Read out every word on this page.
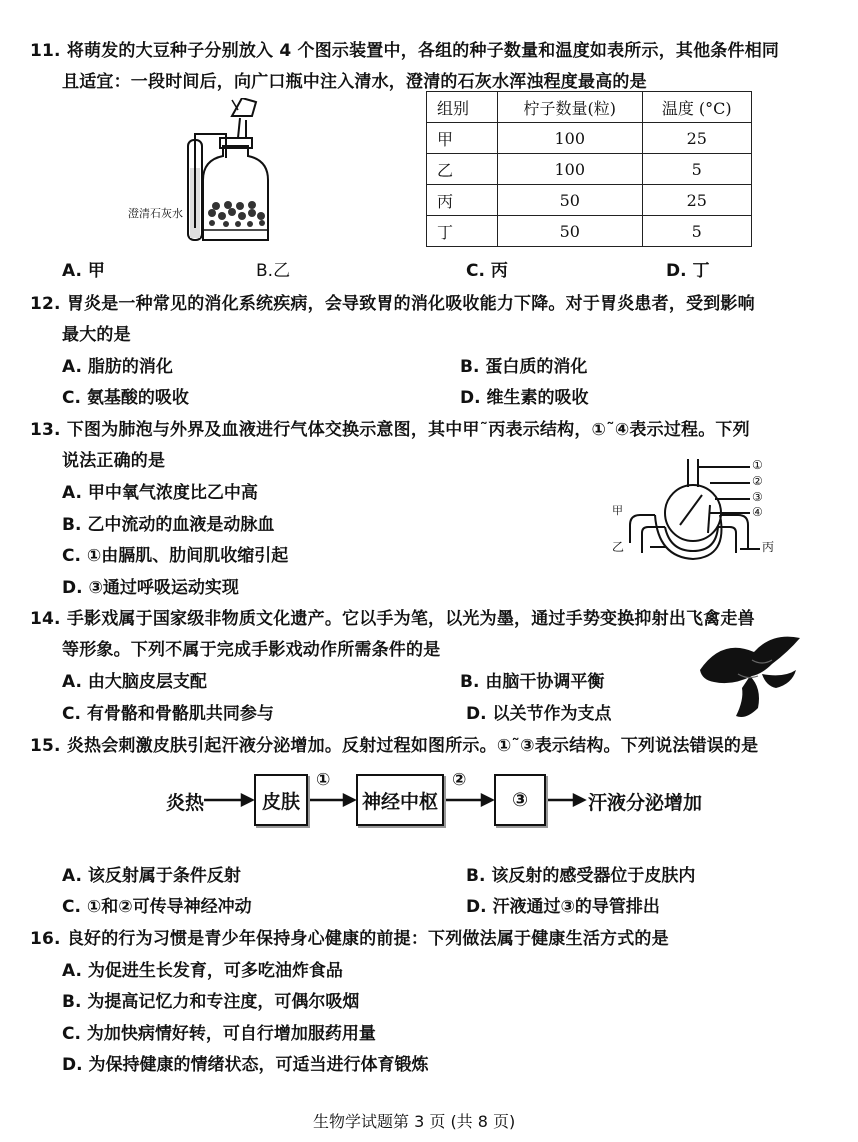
11. 将萌发的大豆种子分别放入 4 个图示装置中，各组的种子数量和温度如表所示，其他条件相同
且适宜：一段时间后，向广口瓶中注入清水，澄清的石灰水浑浊程度最高的是
澄清石灰水
组别	柠子数量(粒)	温度 (°C)
甲	100	25
乙	100	5
丙	50	25
丁	50	5
A. 甲	B.乙	C. 丙	D. 丁
12. 胃炎是一种常见的消化系统疾病，会导致胃的消化吸收能力下降。对于胃炎患者，受到影响
最大的是
A. 脂肪的消化	B. 蛋白质的消化
C. 氨基酸的吸收	D. 维生素的吸收
13. 下图为肺泡与外界及血液进行气体交换示意图，其中甲˜丙表示结构，①˜④表示过程。下列
说法正确的是
A. 甲中氧气浓度比乙中高
B. 乙中流动的血液是动脉血
C. ①由膈肌、肋间肌收缩引起
D. ③通过呼吸运动实现
①
②
③
④
甲
乙	丙
14. 手影戏属于国家级非物质文化遗产。它以手为笔，以光为墨，通过手势变换抑射出飞禽走兽
等形象。下列不属于完成手影戏动作所需条件的是
A. 由大脑皮层支配	B. 由脑干协调平衡
C. 有骨骼和骨骼肌共同参与	D. 以关节作为支点
15. 炎热会刺激皮肤引起汗液分泌增加。反射过程如图所示。①˜③表示结构。下列说法错误的是
炎热	皮肤
①
神经中枢
②
③	汗液分泌增加
A. 该反射属于条件反射	B. 该反射的感受器位于皮肤内
C. ①和②可传导神经冲动	D. 汗液通过③的导管排出
16. 良好的行为习惯是青少年保持身心健康的前提：下列做法属于健康生活方式的是
A. 为促进生长发育，可多吃油炸食品
B. 为提高记忆力和专注度，可偶尔吸烟
C. 为加快病情好转，可自行增加服药用量
D. 为保持健康的情绪状态，可适当进行体育锻炼
生物学试题第 3 页 (共 8 页)
